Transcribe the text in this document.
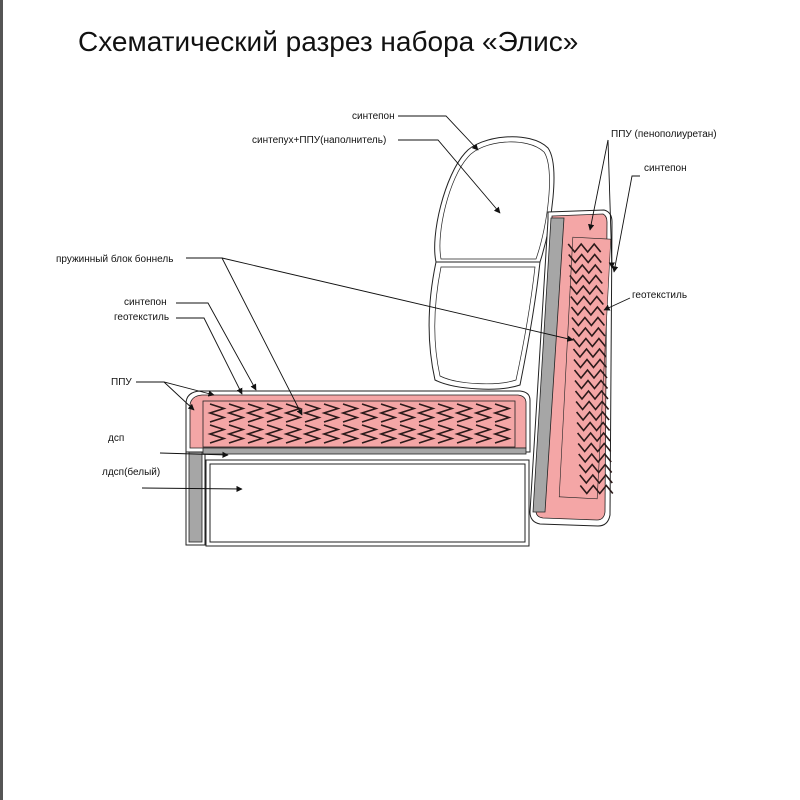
Схематический разрез набора «Элис»
синтепон
синтепух+ППУ(наполнитель)
ППУ (пенополиуретан)
синтепон
геотекстиль
пружинный блок боннель
синтепон
геотекстиль
ППУ
дсп
лдсп(белый)
